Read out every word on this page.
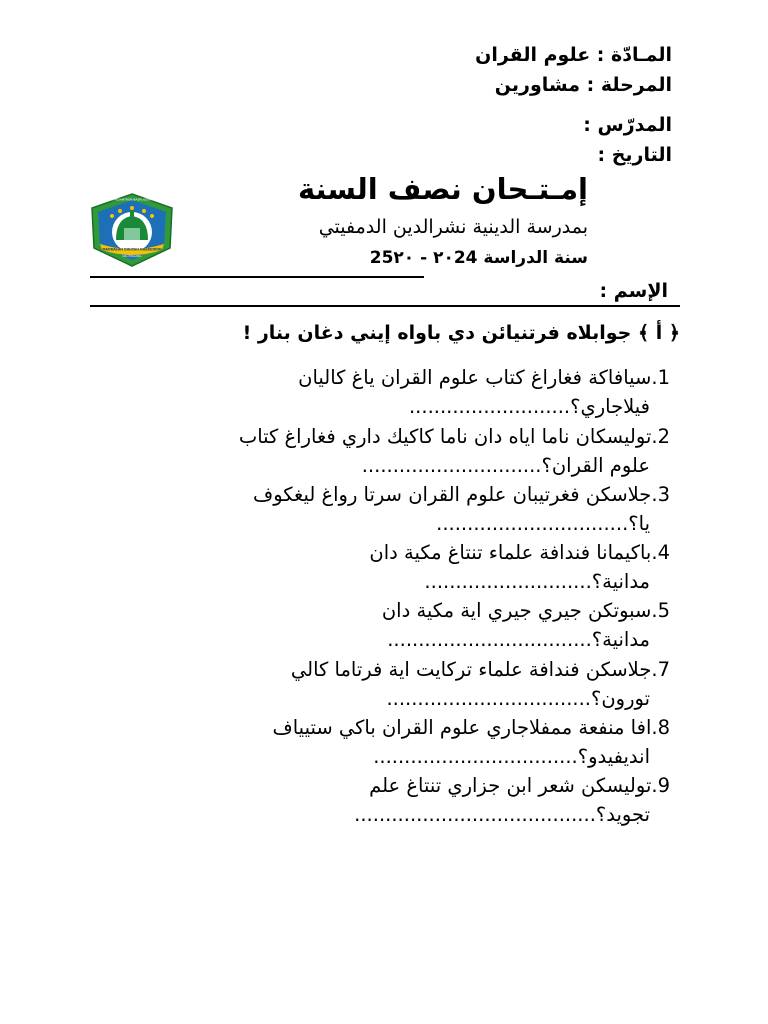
المـادّة : علوم القران
المرحلة : مشاورين
المدرّس :
التاريخ :
إمـتـحان نصف السنة
بمدرسة الدينية نشرالدين الدمفيتي
سنة الدراسة ٢٠24 - 25٢٠
PONDOK PESANTREN NASRUDDIN DAMPIT
MADRASAH DINIYAH NASRUDDIN
DAU MALANG
الإسم :
﴿ أ ﴾ جوابلاه فرتنيائن دي باواه إيني دغان بنار !
1.سيافاكة فغاراغ كتاب علوم القران ياغ كاليان
فيلاجاري؟..........................
2.توليسكان ناما اياه دان ناما كاكيك داري فغاراغ كتاب
علوم القران؟.............................
3.جلاسكن فغرتيبان علوم القران سرتا رواغ ليغكوف
يا؟...............................
4.باكيمانا فندافة علماء تنتاغ مكية دان
مدانية؟...........................
5.سبوتكن جيري جيري اية مكية دان
مدانية؟.................................
7.جلاسكن فندافة علماء تركايت اية فرتاما كالي
تورون؟.................................
8.افا منفعة ممفلاجاري علوم القران باكي ستيياف
انديفيدو؟.................................
9.توليسكن شعر ابن جزاري تنتاغ علم
تجويد؟.......................................
